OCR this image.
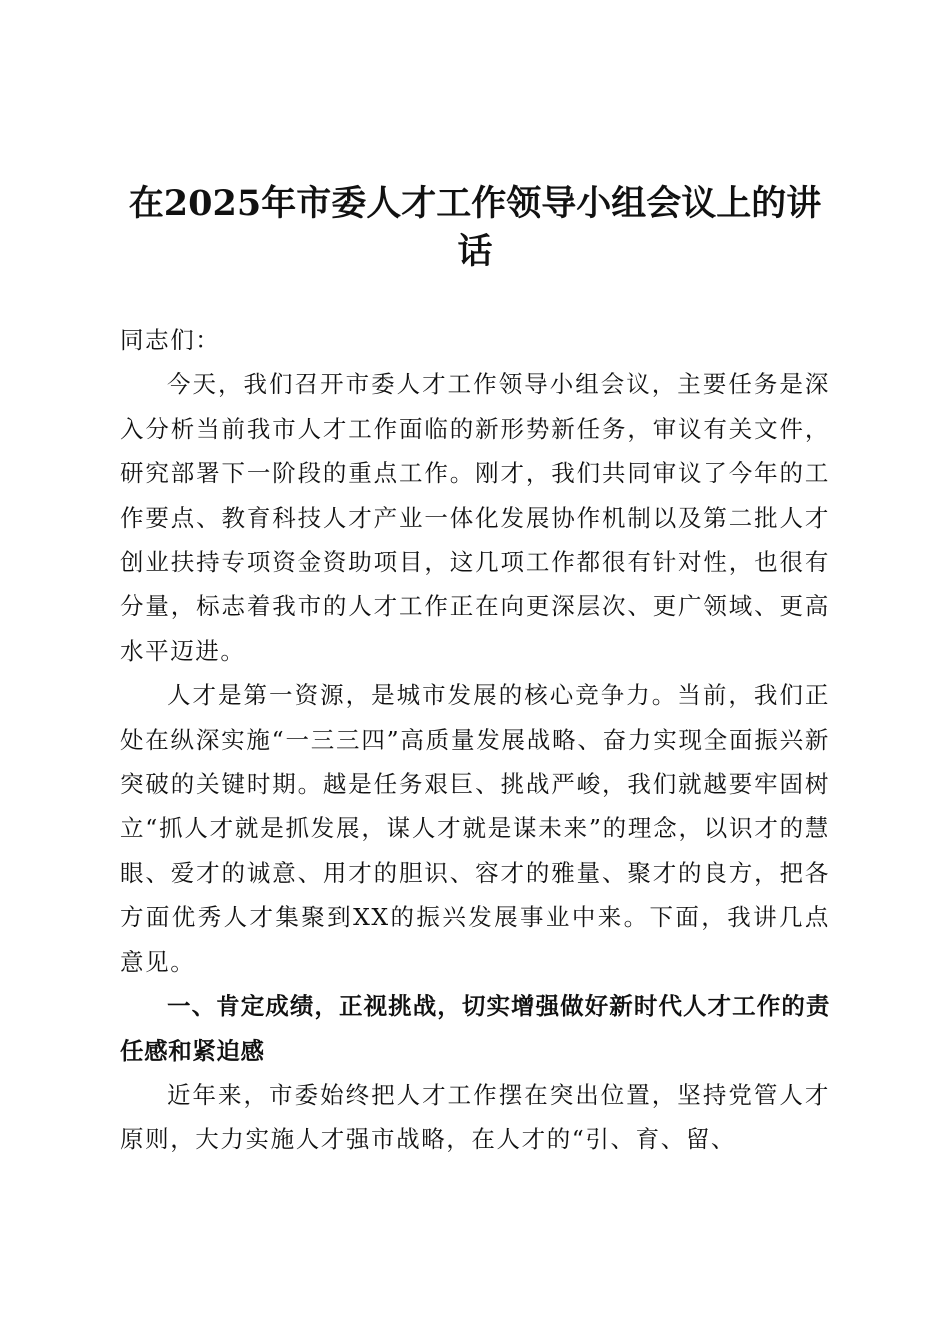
在2025年市委人才工作领导小组会议上的讲话

同志们：

今天，我们召开市委人才工作领导小组会议，主要任务是深入分析当前我市人才工作面临的新形势新任务，审议有关文件，研究部署下一阶段的重点工作。刚才，我们共同审议了今年的工作要点、教育科技人才产业一体化发展协作机制以及第二批人才创业扶持专项资金资助项目，这几项工作都很有针对性，也很有分量，标志着我市的人才工作正在向更深层次、更广领域、更高水平迈进。

人才是第一资源，是城市发展的核心竞争力。当前，我们正处在纵深实施“一三三四”高质量发展战略、奋力实现全面振兴新突破的关键时期。越是任务艰巨、挑战严峻，我们就越要牢固树立“抓人才就是抓发展，谋人才就是谋未来”的理念，以识才的慧眼、爱才的诚意、用才的胆识、容才的雅量、聚才的良方，把各方面优秀人才集聚到XX的振兴发展事业中来。下面，我讲几点意见。

一、肯定成绩，正视挑战，切实增强做好新时代人才工作的责任感和紧迫感

近年来，市委始终把人才工作摆在突出位置，坚持党管人才原则，大力实施人才强市战略，在人才的“引、育、留、
